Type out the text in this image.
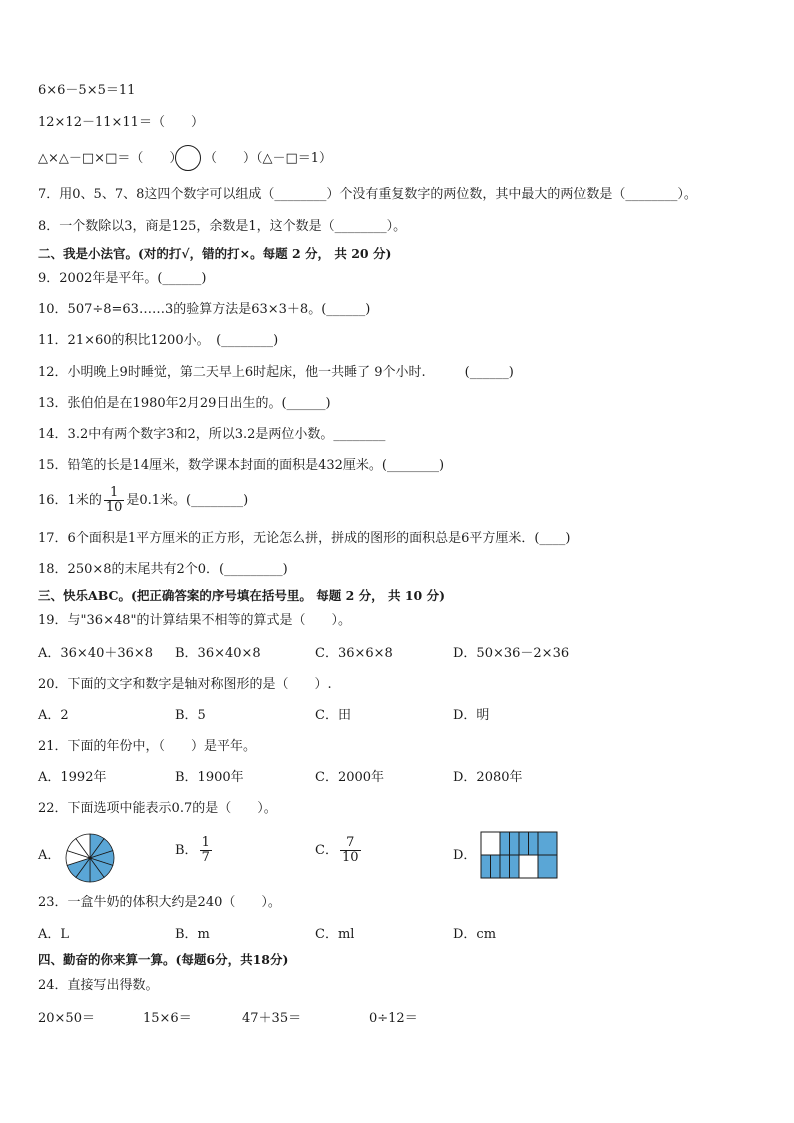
6×6－5×5＝11
12×12－11×11＝（　　）
△×△－□×□＝（　　） （　　）（△－□＝1）
7．用0、5、7、8这四个数字可以组成（________）个没有重复数字的两位数，其中最大的两位数是（________）。
8．一个数除以3，商是125，余数是1，这个数是（________）。
二、我是小法官。(对的打√，错的打×。每题 2 分， 共 20 分)
9．2002年是平年。(______)
10．507÷8=63……3的验算方法是63×3＋8。(______)
11．21×60的积比1200小。　(________)
12．小明晚上9时睡觉，第二天早上6时起床，他一共睡了 9个小时.　　　(______)
13．张伯伯是在1980年2月29日出生的。(______)
14．3.2中有两个数字3和2，所以3.2是两位小数。________
15．铅笔的长是14厘米，数学课本封面的面积是432厘米。(________)
16．1米的 $\frac{1}{10}$ 是0.1米。(________)
17．6个面积是1平方厘米的正方形，无论怎么拼，拼成的图形的面积总是6平方厘米．(____)
18．250×8的末尾共有2个0．(_________)
三、快乐ABC。(把正确答案的序号填在括号里。 每题 2 分， 共 10 分)
19．与"36×48"的计算结果不相等的算式是（　　）。
A．36×40＋36×8 B．36×40×8	C．36×6×8	D．50×36－2×36
20．下面的文字和数字是轴对称图形的是（　　）.
A．2	B．5	C．田	D．明
21．下面的年份中，（　　）是平年。
A．1992年	B．1900年	C．2000年	D．2080年
22．下面选项中能表示0.7的是（　　）。
A．	B． $\frac{1}{7}$	C． $\frac{7}{10}$	D．
23．一盒牛奶的体积大约是240（　　）。
A．L	B．m	C．ml	D．cm
四、勤奋的你来算一算。(每题6分，共18分)
24．直接写出得数。
20×50＝	15×6＝	47＋35＝	0÷12＝
